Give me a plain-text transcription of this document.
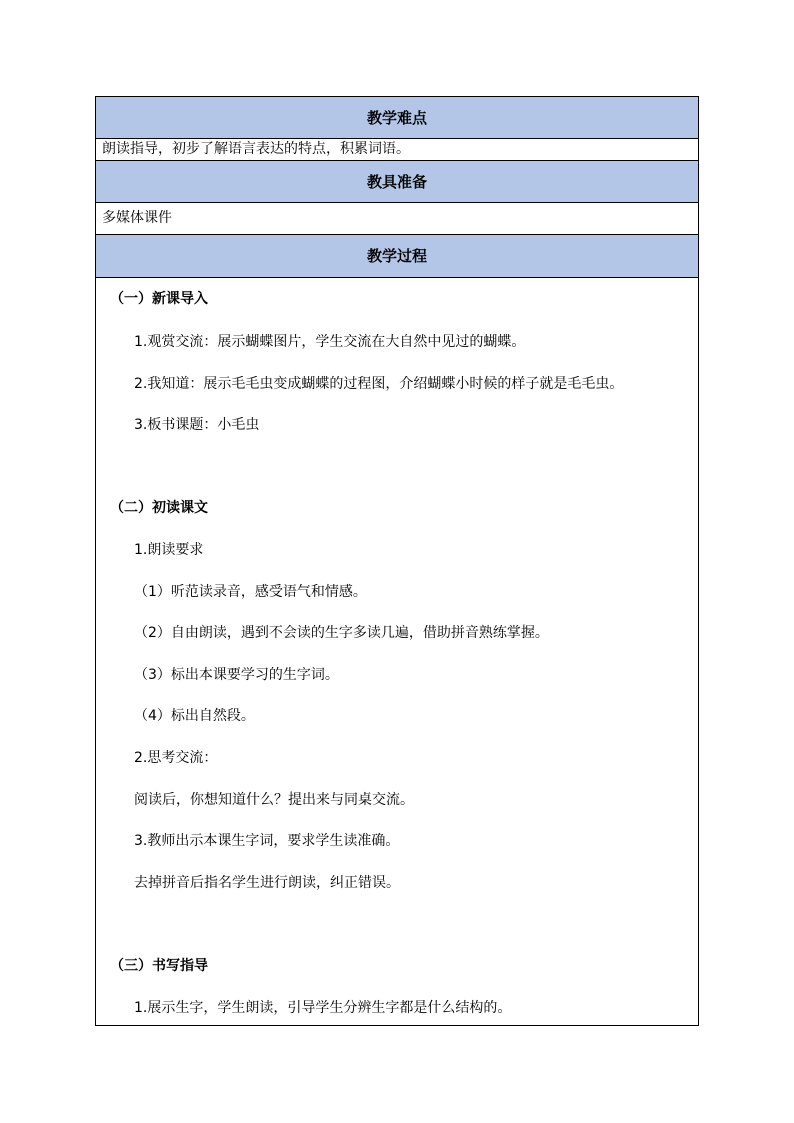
教学难点
朗读指导，初步了解语言表达的特点，积累词语。
教具准备
多媒体课件
教学过程
（一）新课导入
1.观赏交流：展示蝴蝶图片，学生交流在大自然中见过的蝴蝶。
2.我知道：展示毛毛虫变成蝴蝶的过程图，介绍蝴蝶小时候的样子就是毛毛虫。
3.板书课题：小毛虫
（二）初读课文
1.朗读要求
（1）听范读录音，感受语气和情感。
（2）自由朗读，遇到不会读的生字多读几遍，借助拼音熟练掌握。
（3）标出本课要学习的生字词。
（4）标出自然段。
2.思考交流：
阅读后，你想知道什么？提出来与同桌交流。
3.教师出示本课生字词，要求学生读准确。
去掉拼音后指名学生进行朗读，纠正错误。
（三）书写指导
1.展示生字，学生朗读，引导学生分辨生字都是什么结构的。
